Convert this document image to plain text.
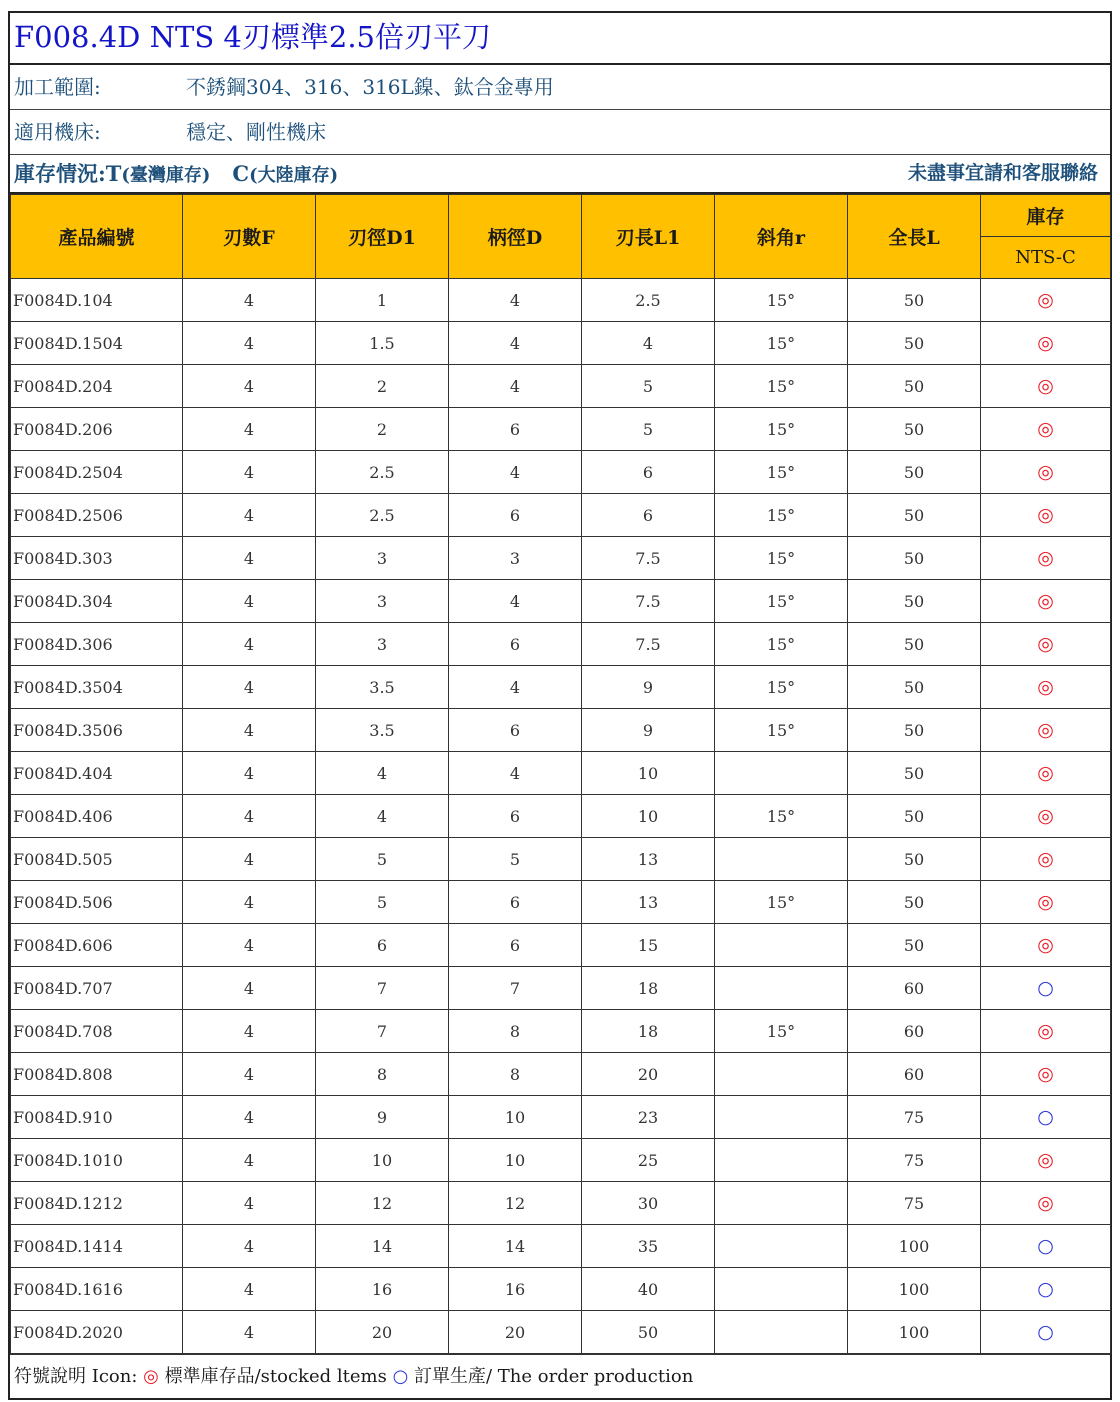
F008.4D NTS 4刃標準2.5倍刃平刀
加工範圍:	不銹鋼304、316、316L鎳、鈦合金專用
適用機床:	穩定、剛性機床
庫存情況:T(臺灣庫存) C(大陸庫存)	未盡事宜請和客服聯絡
產品編號	刃數F	刃徑D1	柄徑D	刃長L1	斜角r	全長L	庫存
							NTS-C
F0084D.104	4	1	4	2.5	15°	50	◎
F0084D.1504	4	1.5	4	4	15°	50	◎
F0084D.204	4	2	4	5	15°	50	◎
F0084D.206	4	2	6	5	15°	50	◎
F0084D.2504	4	2.5	4	6	15°	50	◎
F0084D.2506	4	2.5	6	6	15°	50	◎
F0084D.303	4	3	3	7.5	15°	50	◎
F0084D.304	4	3	4	7.5	15°	50	◎
F0084D.306	4	3	6	7.5	15°	50	◎
F0084D.3504	4	3.5	4	9	15°	50	◎
F0084D.3506	4	3.5	6	9	15°	50	◎
F0084D.404	4	4	4	10		50	◎
F0084D.406	4	4	6	10	15°	50	◎
F0084D.505	4	5	5	13		50	◎
F0084D.506	4	5	6	13	15°	50	◎
F0084D.606	4	6	6	15		50	◎
F0084D.707	4	7	7	18		60	○
F0084D.708	4	7	8	18	15°	60	◎
F0084D.808	4	8	8	20		60	◎
F0084D.910	4	9	10	23		75	○
F0084D.1010	4	10	10	25		75	◎
F0084D.1212	4	12	12	30		75	◎
F0084D.1414	4	14	14	35		100	○
F0084D.1616	4	16	16	40		100	○
F0084D.2020	4	20	20	50		100	○
符號說明 Icon: ◎ 標準庫存品/stocked ltems ○ 訂單生產/ The order production
